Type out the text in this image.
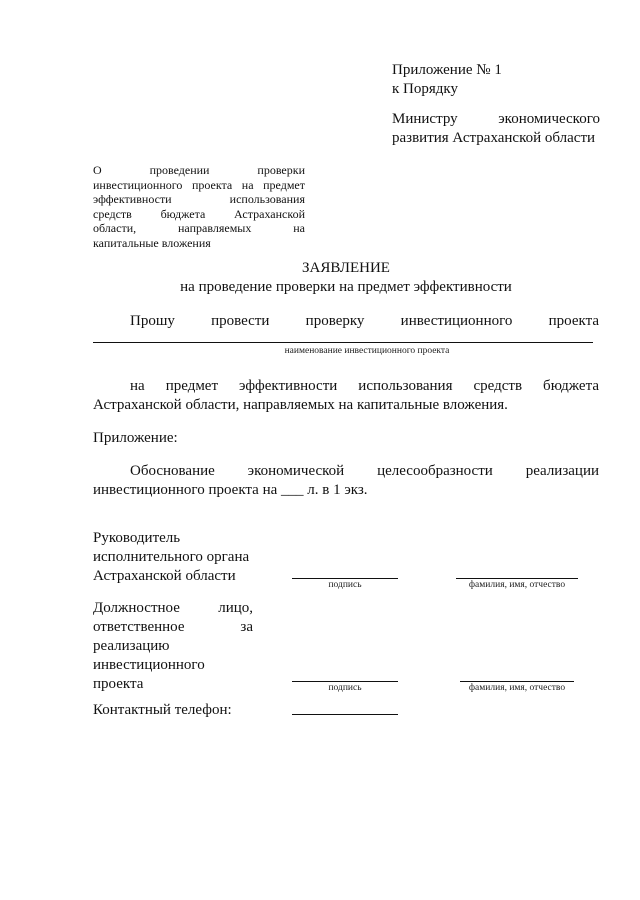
Приложение № 1
к Порядку
Министру экономического
развития Астраханской области
О проведении проверки
инвестиционного проекта на предмет
эффективности использования
средств бюджета Астраханской
области, направляемых на
капитальные вложения
ЗАЯВЛЕНИЕ
на проведение проверки на предмет эффективности
Прошу провести проверку инвестиционного проекта
наименование инвестиционного проекта
на предмет эффективности использования средств бюджета
Астраханской области, направляемых на капитальные вложения.
Приложение:
Обоснование экономической целесообразности реализации
инвестиционного проекта на ___ л. в 1 экз.
Руководитель
исполнительного органа
Астраханской области
подпись	фамилия, имя, отчество
Должностное лицо,
ответственное за
реализацию
инвестиционного
проекта	подпись	фамилия, имя, отчество
Контактный телефон:
